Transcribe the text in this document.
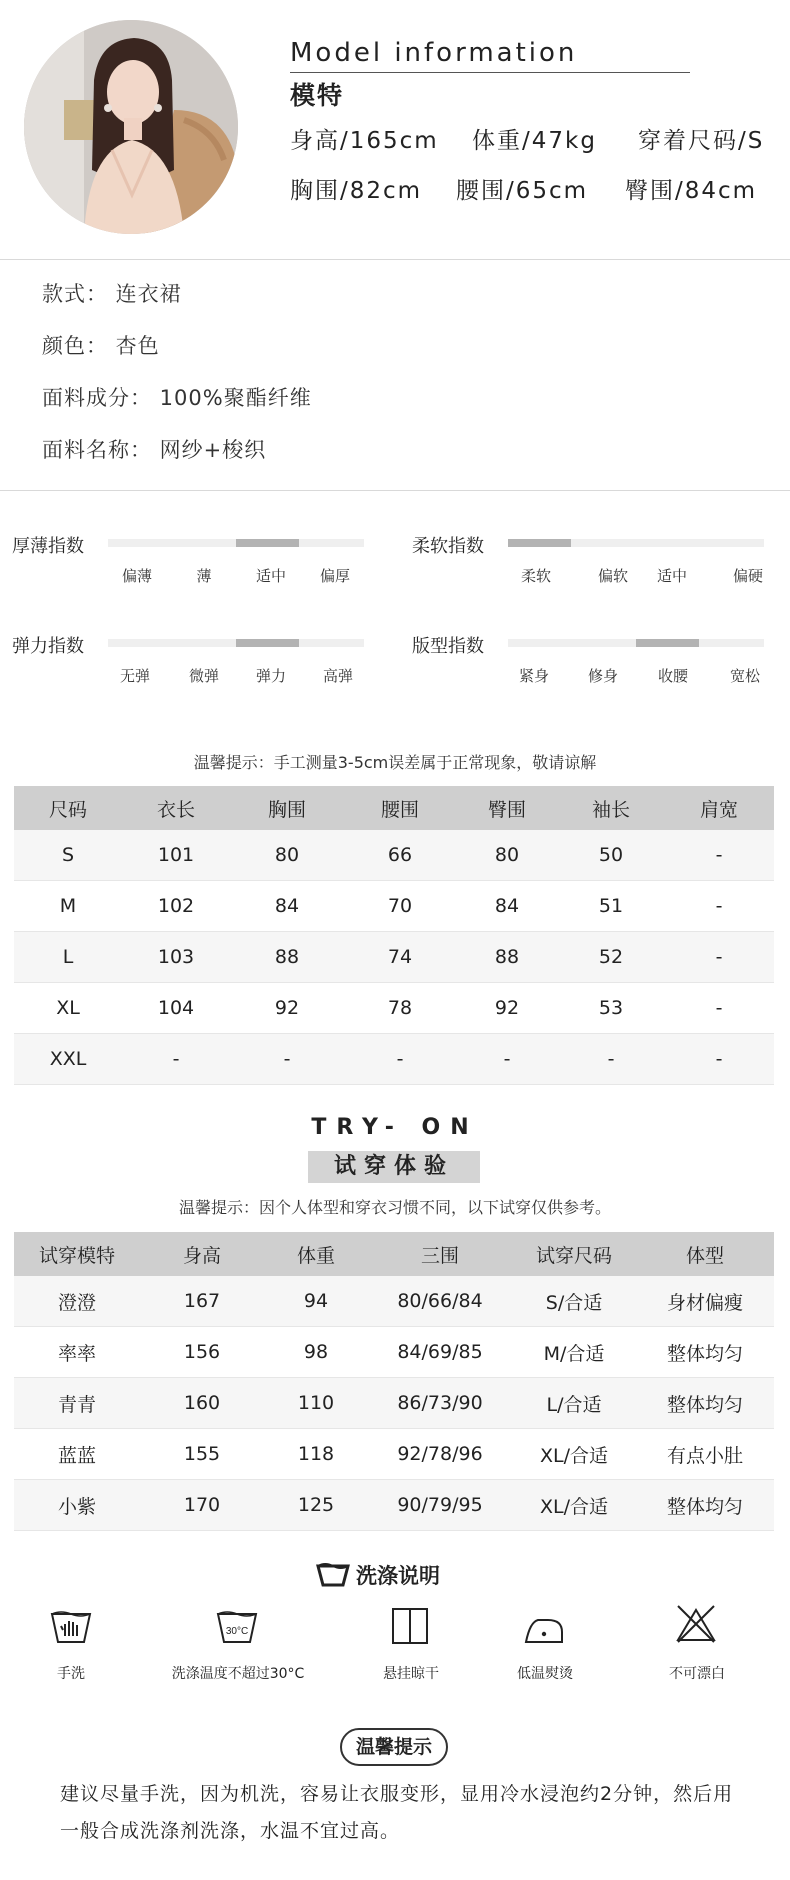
Model information
模特
身高/165cm 体重/47kg 穿着尺码/S
胸围/82cm 腰围/65cm 臀围/84cm
款式： 连衣裙
颜色： 杏色
面料成分： 100%聚酯纤维
面料名称： 网纱+梭织
厚薄指数
偏薄	薄	适中 偏厚
柔软指数
柔软	偏软 适中	偏硬
弹力指数
无弹	微弹 弹力 高弹
版型指数
紧身	修身	收腰	宽松
温馨提示：手工测量3-5cm误差属于正常现象，敬请谅解
尺码	衣长	胸围	腰围	臀围	袖长	肩宽
S	101	80	66	80	50	-
M	102	84	70	84	51	-
L	103	88	74	88	52	-
XL	104	92	78	92	53	-
XXL	-	-	-	-	-	-
TRY- ON
试穿体验
温馨提示：因个人体型和穿衣习惯不同，以下试穿仅供参考。
试穿模特	身高	体重	三围	试穿尺码	体型
澄澄	167	94	80/66/84	S/合适	身材偏瘦
率率	156	98	84/69/85	M/合适	整体均匀
青青	160	110	86/73/90	L/合适	整体均匀
蓝蓝	155	118	92/78/96	XL/合适	有点小肚
小紫	170	125	90/79/95	XL/合适	整体均匀
洗涤说明
手洗
30°C
洗涤温度不超过30°C	悬挂晾干	低温熨烫	不可漂白
温馨提示
建议尽量手洗，因为机洗，容易让衣服变形，显用冷水浸泡约2分钟，然后用一般合成洗涤剂洗涤，水温不宜过高。
